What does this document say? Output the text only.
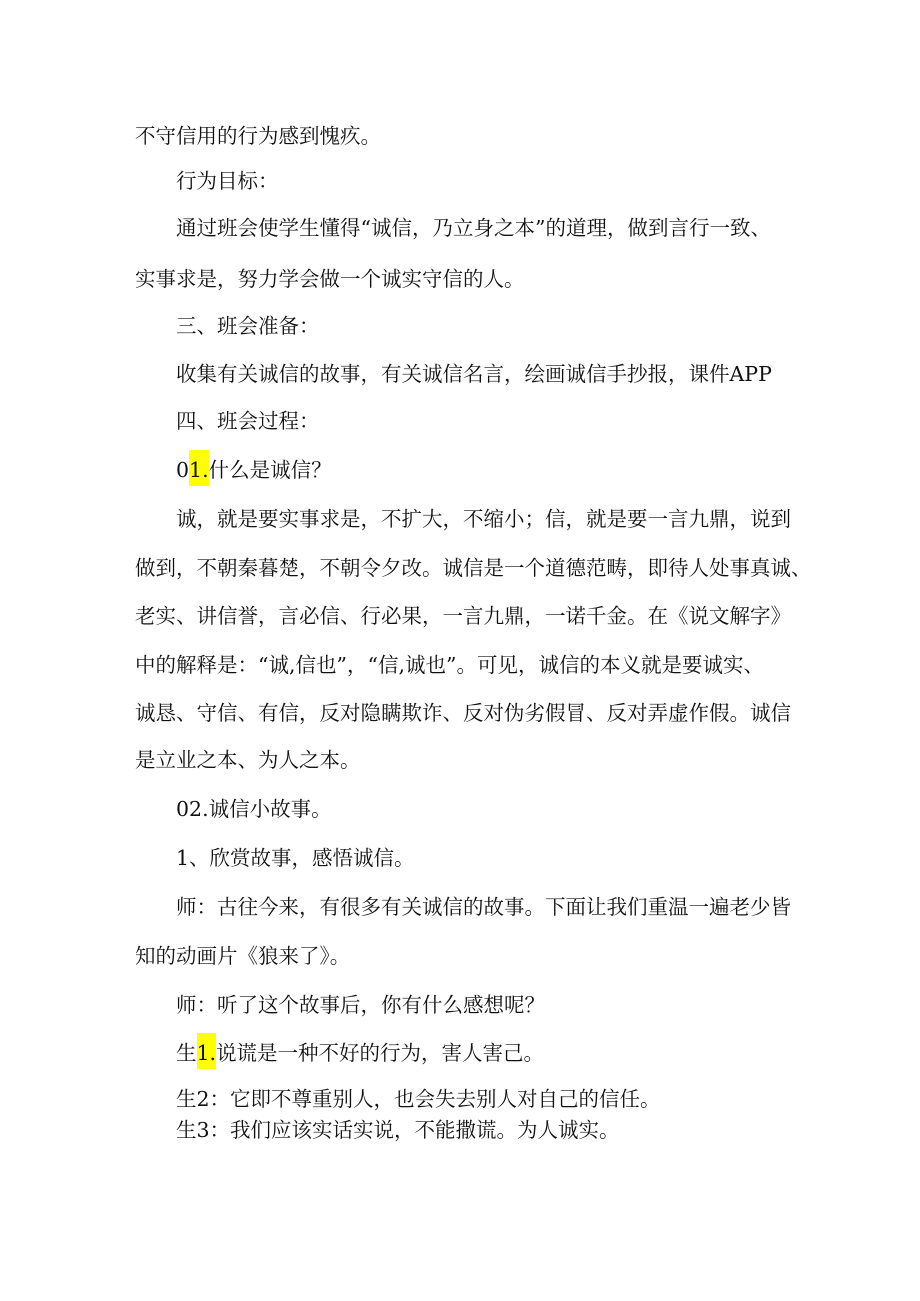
不守信用的行为感到愧疚。
行为目标：
通过班会使学生懂得“诚信，乃立身之本”的道理，做到言行一致、
实事求是，努力学会做一个诚实守信的人。
三、班会准备：
收集有关诚信的故事，有关诚信名言，绘画诚信手抄报，课件APP
四、班会过程：
01.什么是诚信？
诚，就是要实事求是，不扩大，不缩小；信，就是要一言九鼎，说到
做到，不朝秦暮楚，不朝令夕改。诚信是一个道德范畴，即待人处事真诚、
老实、讲信誉，言必信、行必果，一言九鼎，一诺千金。在《说文解字》
中的解释是：“诚,信也”，“信,诚也”。可见，诚信的本义就是要诚实、
诚恳、守信、有信，反对隐瞒欺诈、反对伪劣假冒、反对弄虚作假。诚信
是立业之本、为人之本。
02.诚信小故事。
1、欣赏故事，感悟诚信。
师：古往今来，有很多有关诚信的故事。下面让我们重温一遍老少皆
知的动画片《狼来了》。
师：听了这个故事后，你有什么感想呢？
生1.说谎是一种不好的行为，害人害己。
生2：它即不尊重别人，也会失去别人对自己的信任。
生3：我们应该实话实说，不能撒谎。为人诚实。
